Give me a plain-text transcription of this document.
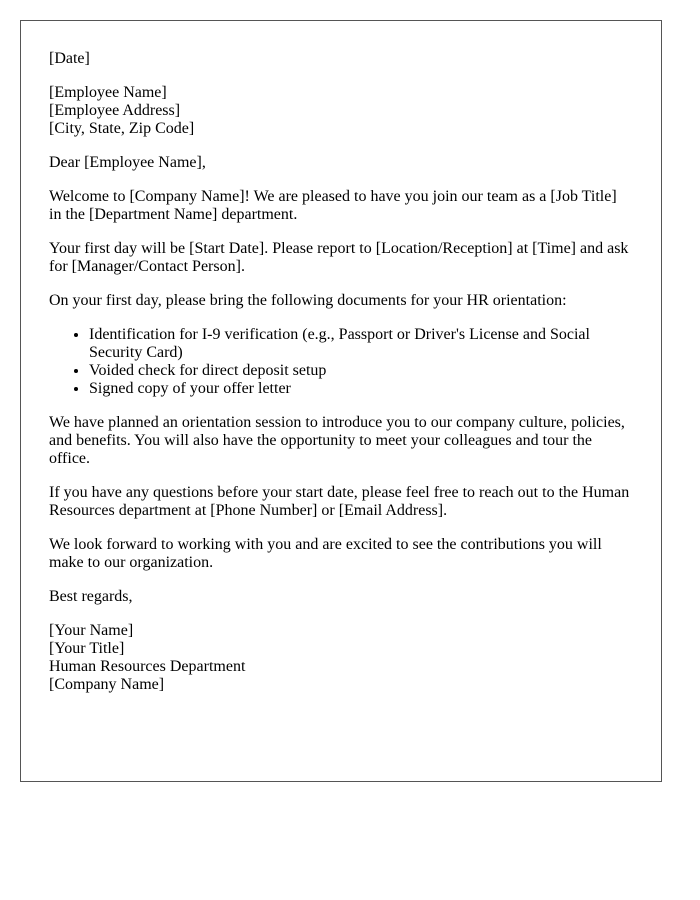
[Date]

[Employee Name]
[Employee Address]
[City, State, Zip Code]

Dear [Employee Name],

Welcome to [Company Name]! We are pleased to have you join our team as a [Job Title] in the [Department Name] department.

Your first day will be [Start Date]. Please report to [Location/Reception] at [Time] and ask for [Manager/Contact Person].

On your first day, please bring the following documents for your HR orientation:

• Identification for I-9 verification (e.g., Passport or Driver's License and Social Security Card)
• Voided check for direct deposit setup
• Signed copy of your offer letter

We have planned an orientation session to introduce you to our company culture, policies, and benefits. You will also have the opportunity to meet your colleagues and tour the office.

If you have any questions before your start date, please feel free to reach out to the Human Resources department at [Phone Number] or [Email Address].

We look forward to working with you and are excited to see the contributions you will make to our organization.

Best regards,

[Your Name]
[Your Title]
Human Resources Department
[Company Name]
